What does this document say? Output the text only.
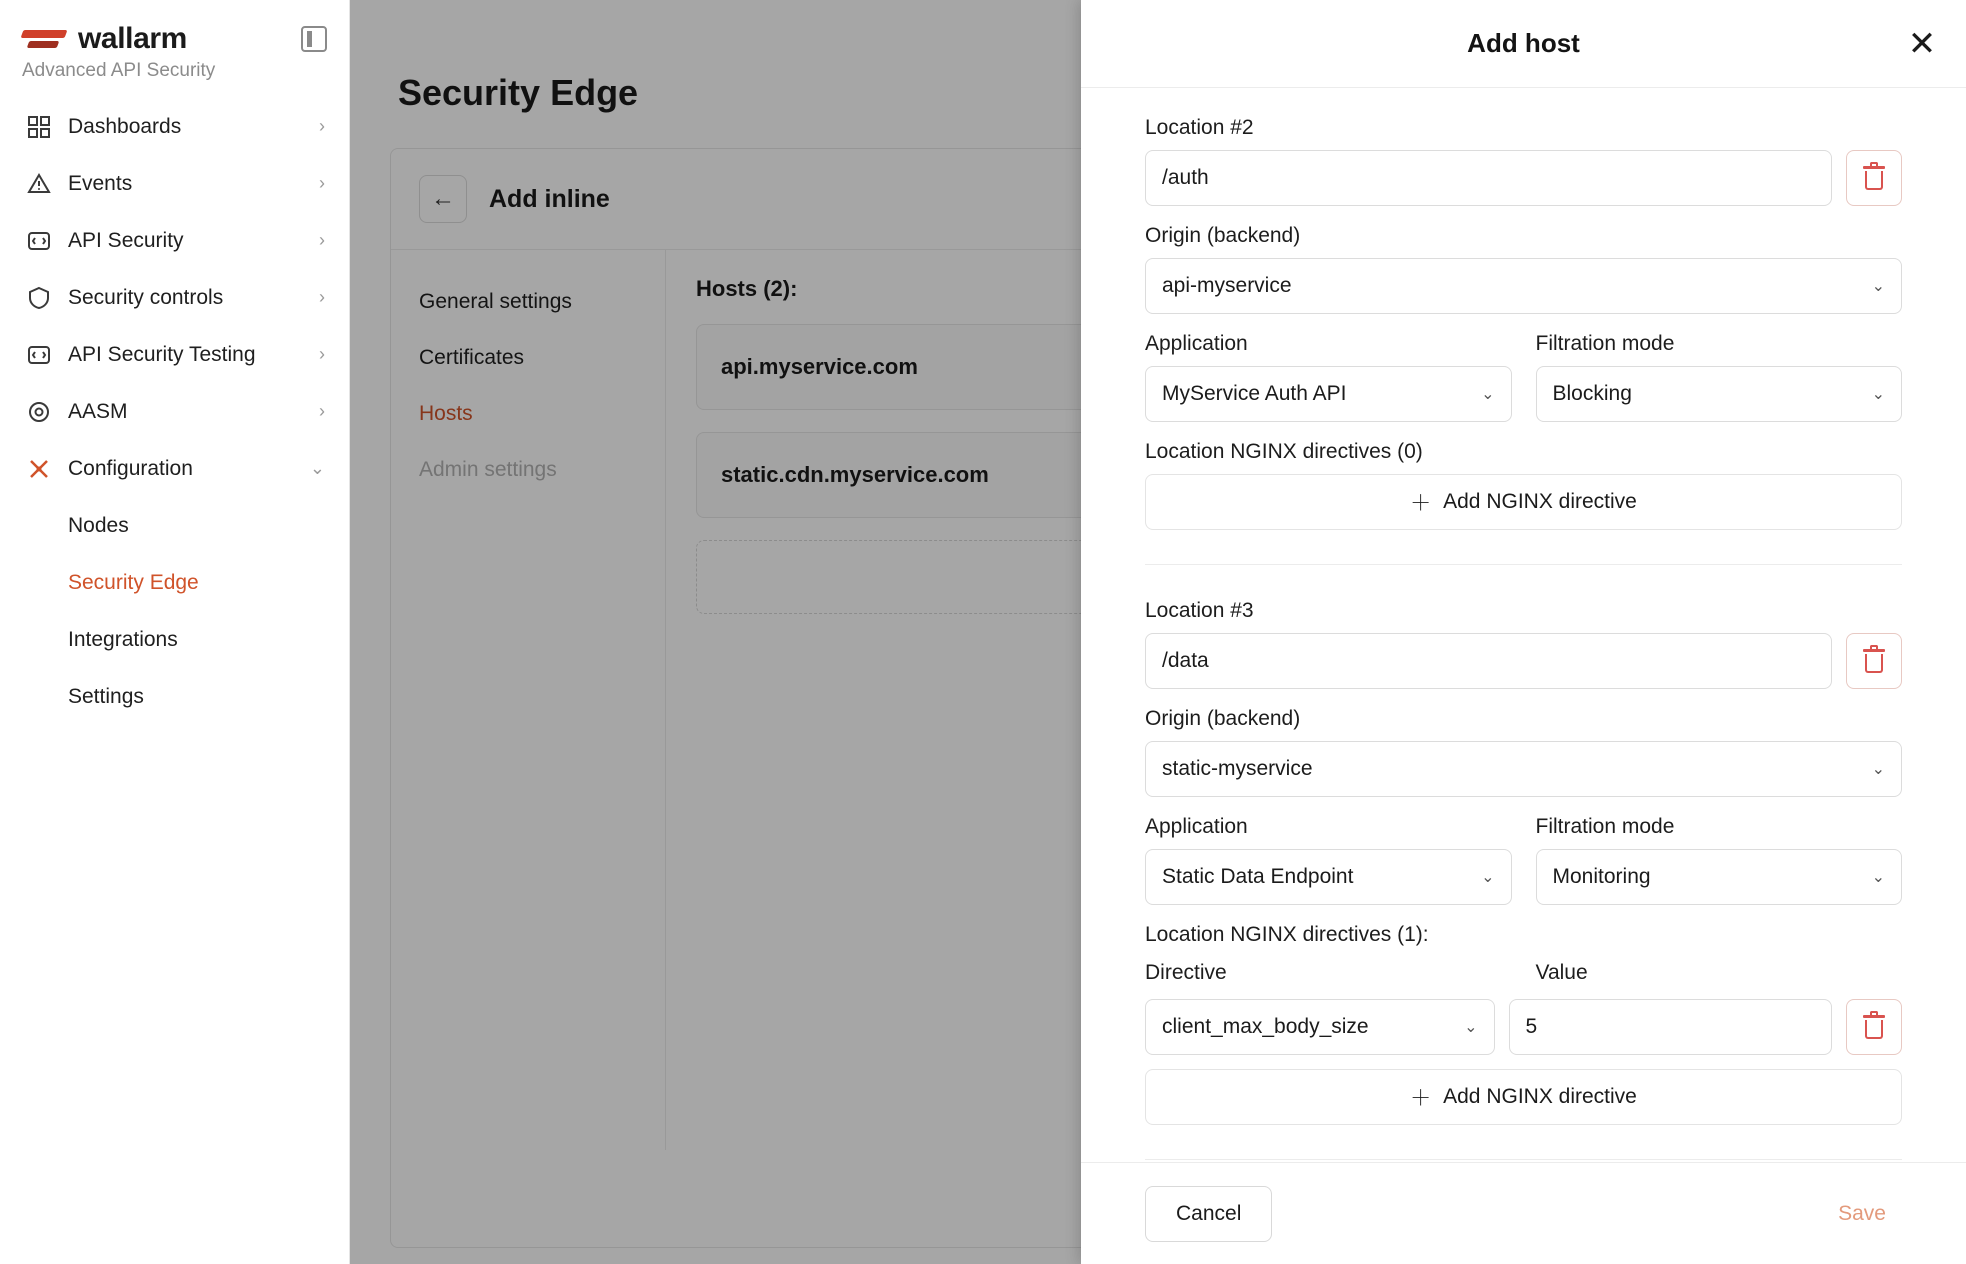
wallarm
Advanced API Security
Dashboards	›
Events	›
API Security	›
Security controls	›
API Security Testing	›
AASM	›
Configuration	⌄
Nodes
Security Edge
Integrations
Settings
Security Edge
←	Add inline
General settings
Certificates
Hosts
Admin settings
Hosts (2):
api.myservice.com
static.cdn.myservice.com
Add host	✕
Location #2
/auth
Origin (backend)
api-myservice	⌄
Application
MyService Auth API	⌄
Filtration mode
Blocking	⌄
Location NGINX directives (0)
＋ Add NGINX directive
Location #3
/data
Origin (backend)
static-myservice	⌄
Application
Static Data Endpoint	⌄
Filtration mode
Monitoring	⌄
Location NGINX directives (1):
Directive	Value
client_max_body_size	⌄	5
＋ Add NGINX directive
Cancel	Save
